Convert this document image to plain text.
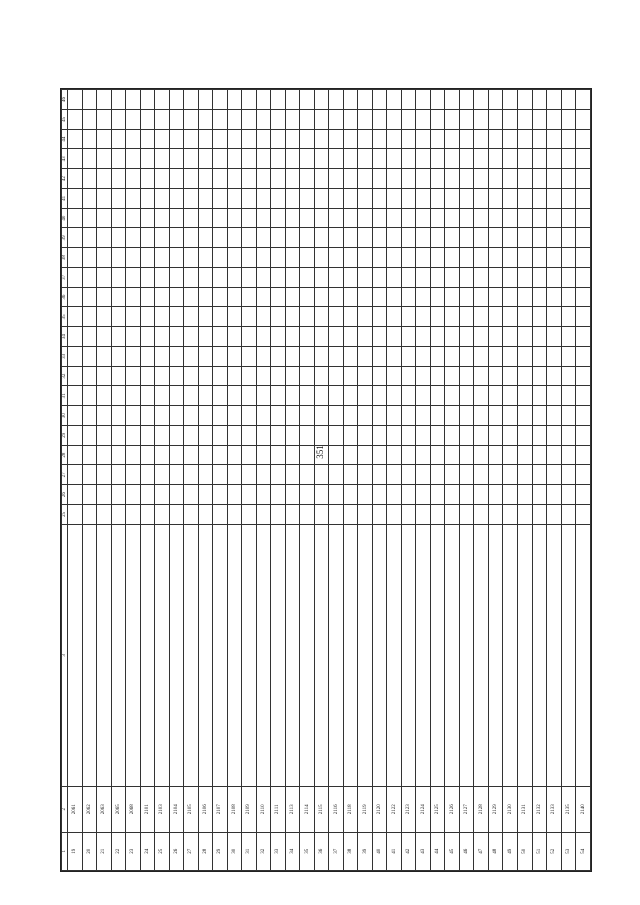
351
1	2	3	25	26	27	28	29	30	31	32	33	34	35	36	37	38	39	40	41	42	43	44	45	46
19	2061																							
20	2062																							
21	2063																							
22	2065																							
23	2068																							
24	2101																							
25	2103																							
26	2104																							
27	2105																							
28	2106																							
29	2107																							
30	2108																							
31	2109																							
32	2110																							
33	2111																							
34	2113																							
35	2114																							
36	2115																							
37	2116																							
38	2118																							
39	2119																							
40	2120																							
41	2122																							
42	2123																							
43	2124																							
44	2125																							
45	2126																							
46	2127																							
47	2128																							
48	2129																							
49	2130																							
50	2131																							
51	2132																							
52	2133																							
53	2135																							
54	2140																							
